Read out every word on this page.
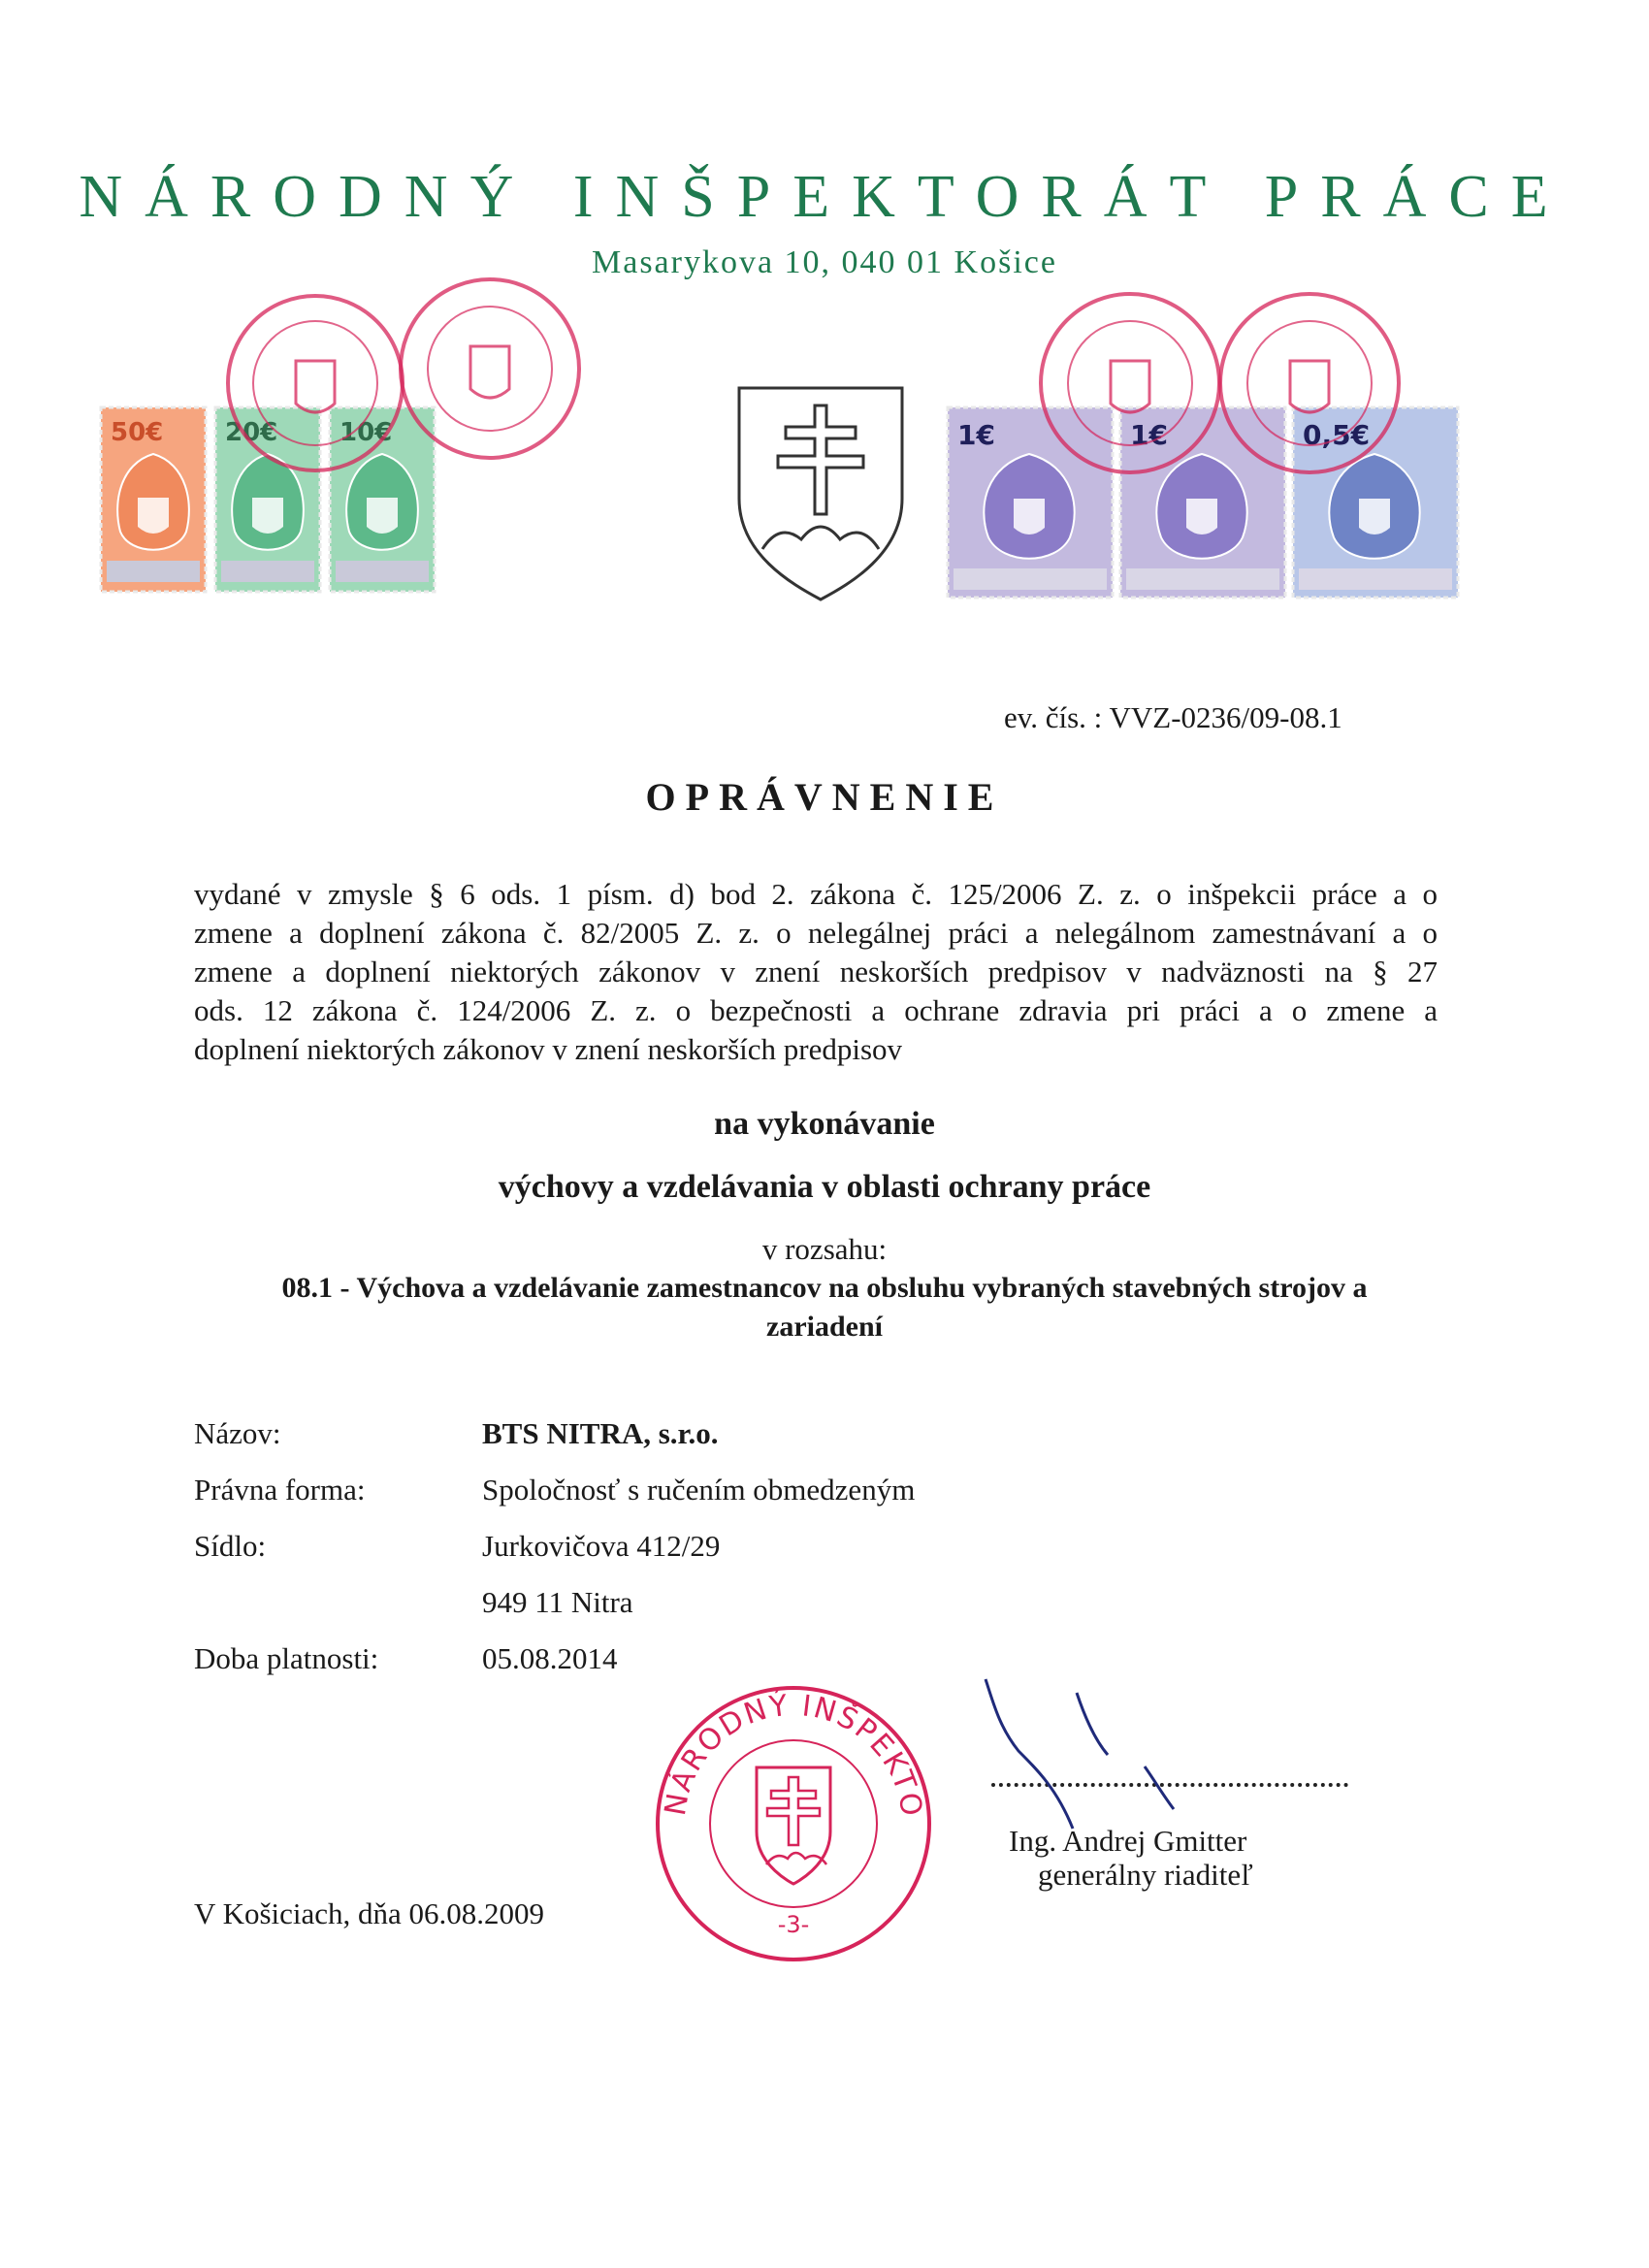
NÁRODNÝ INŠPEKTORÁT PRÁCE
Masarykova 10, 040 01 Košice
50€ 20€ 10€	1€	1€	0,5€
ev. čís. : VVZ-0236/09-08.1
OPRÁVNENIE
vydané v zmysle § 6 ods. 1 písm. d) bod 2. zákona č. 125/2006 Z. z. o inšpekcii práce a o
zmene a doplnení zákona č. 82/2005 Z. z. o nelegálnej práci a nelegálnom zamestnávaní a o
zmene a doplnení niektorých zákonov v znení neskorších predpisov v nadväznosti na § 27
ods. 12 zákona č. 124/2006 Z. z. o bezpečnosti a ochrane zdravia pri práci a o zmene a
doplnení niektorých zákonov v znení neskorších predpisov
na vykonávanie
výchovy a vzdelávania v oblasti ochrany práce
v rozsahu:
08.1 - Výchova a vzdelávanie zamestnancov na obsluhu vybraných stavebných strojov a
zariadení
Názov:	BTS NITRA, s.r.o.
Právna forma:	Spoločnosť s ručením obmedzeným
Sídlo:	Jurkovičova 412/29
949 11 Nitra
Doba platnosti:	05.08.2014
NÁRODNÝ INŠPEKTORÁT PRÁCE
-3-
Ing. Andrej Gmitter
generálny riaditeľ
V Košiciach, dňa 06.08.2009
